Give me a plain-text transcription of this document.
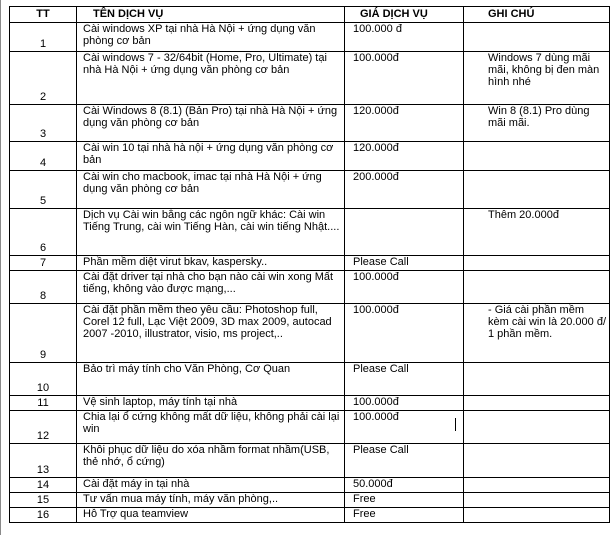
TT	TÊN DỊCH VỤ	GIÁ DỊCH VỤ	GHI CHÚ
1	Cài windows XP tại nhà Hà Nội + ứng dụng văn phòng cơ bản	100.000 đ	
2	Cài windows 7 - 32/64bit (Home, Pro, Ultimate) tại nhà Hà Nội + ứng dụng văn phòng cơ bản	100.000đ	Windows 7 dùng mãi mãi, không bị đen màn hình nhé
3	Cài Windows 8 (8.1) (Bản Pro) tại nhà Hà Nội + ứng dụng văn phòng cơ bản	120.000đ	Win 8 (8.1) Pro dùng mãi mãi.
4	Cài win 10 tại nhà hà nội + ứng dụng văn phòng cơ bản	120.000đ	
5	Cài win cho macbook, imac tại nhà Hà Nội + ứng dụng văn phòng cơ bản	200.000đ	
6	Dịch vụ Cài win bằng các ngôn ngữ khác: Cài win Tiếng Trung, cài win Tiếng Hàn, cài win tiếng Nhật....		Thêm 20.000đ
7	Phần mềm diệt virut bkav, kaspersky..	Please Call	
8	Cài đặt driver tại nhà cho bạn nào cài win xong Mất tiếng, không vào được mạng,...	100.000đ	
9	Cài đặt phần mềm theo yêu cầu: Photoshop full, Corel 12 full, Lạc Việt 2009, 3D max 2009, autocad 2007 -2010, illustrator, visio, ms project,..	100.000đ	- Giá cài phần mềm kèm cài win là 20.000 đ/ 1 phần mềm.
10	Bảo trì máy tính cho Văn Phòng, Cơ Quan	Please Call	
11	Vệ sinh laptop, máy tính tại nhà	100.000đ	
12	Chia lại ổ cứng không mất dữ liệu, không phải cài lại win	100.000đ	
13	Khôi phục dữ liệu do xóa nhầm format nhầm(USB, thẻ nhớ, ổ cứng)	Please Call	
14	Cài đặt máy in tại nhà	50.000đ	
15	Tư vấn mua máy tính, máy văn phòng,..	Free	
16	Hỗ Trợ qua teamview	Free	
